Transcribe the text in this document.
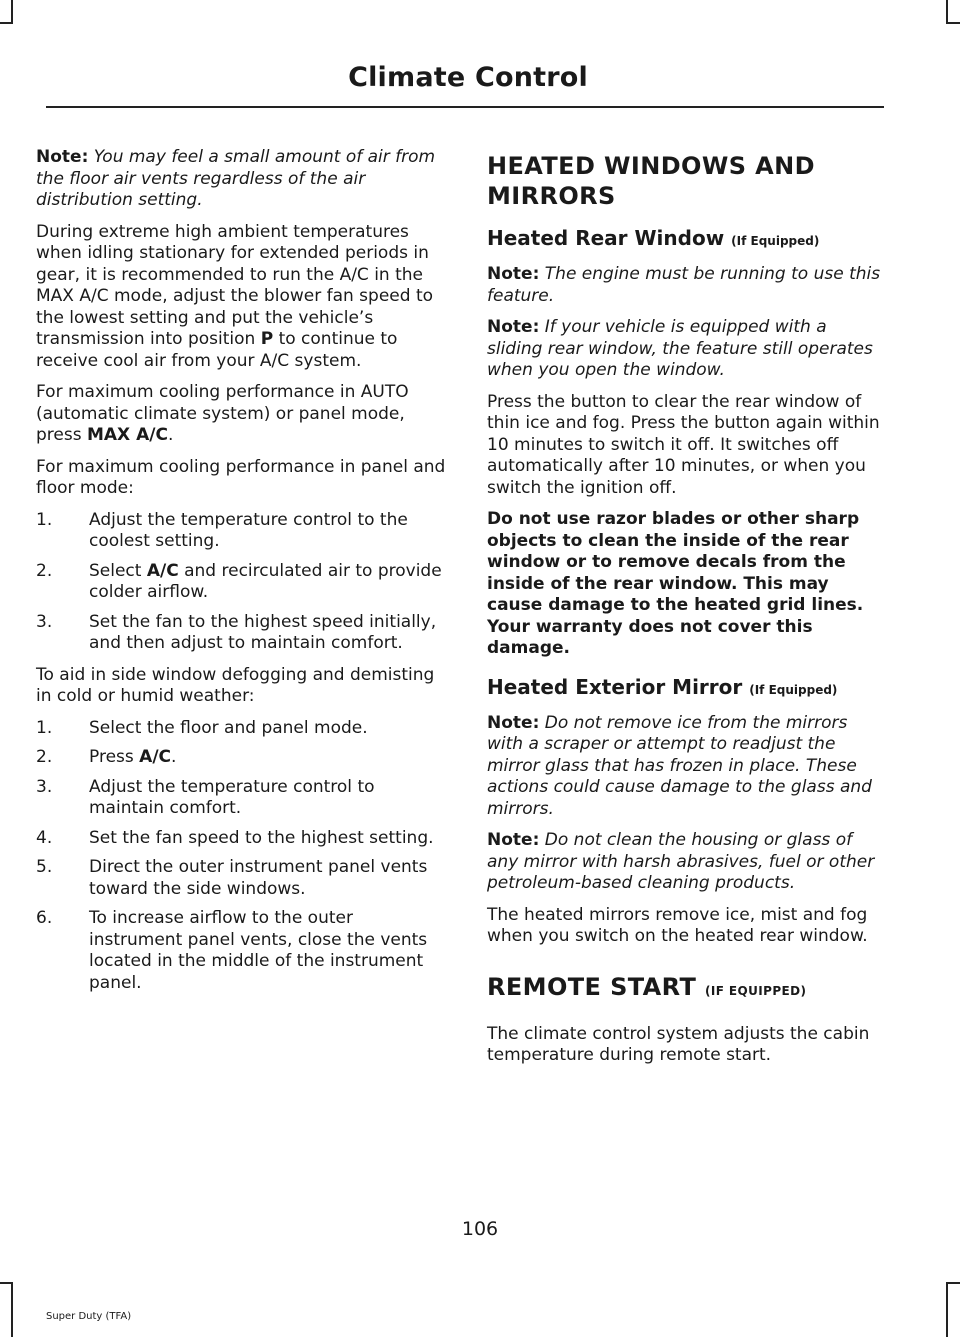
Climate Control

Note: You may feel a small amount of air from the floor air vents regardless of the air distribution setting.

During extreme high ambient temperatures when idling stationary for extended periods in gear, it is recommended to run the A/C in the MAX A/C mode, adjust the blower fan speed to the lowest setting and put the vehicle’s transmission into position P to continue to receive cool air from your A/C system.

For maximum cooling performance in AUTO (automatic climate system) or panel mode, press MAX A/C.

For maximum cooling performance in panel and floor mode:

1. Adjust the temperature control to the coolest setting.
2. Select A/C and recirculated air to provide colder airflow.
3. Set the fan to the highest speed initially, and then adjust to maintain comfort.

To aid in side window defogging and demisting in cold or humid weather:

1. Select the floor and panel mode.
2. Press A/C.
3. Adjust the temperature control to maintain comfort.
4. Set the fan speed to the highest setting.
5. Direct the outer instrument panel vents toward the side windows.
6. To increase airflow to the outer instrument panel vents, close the vents located in the middle of the instrument panel.
HEATED WINDOWS AND MIRRORS
Heated Rear Window (If Equipped)

Note: The engine must be running to use this feature.

Note: If your vehicle is equipped with a sliding rear window, the feature still operates when you open the window.

Press the button to clear the rear window of thin ice and fog. Press the button again within 10 minutes to switch it off. It switches off automatically after 10 minutes, or when you switch the ignition off.

Do not use razor blades or other sharp objects to clean the inside of the rear window or to remove decals from the inside of the rear window. This may cause damage to the heated grid lines. Your warranty does not cover this damage.

Heated Exterior Mirror (If Equipped)

Note: Do not remove ice from the mirrors with a scraper or attempt to readjust the mirror glass that has frozen in place. These actions could cause damage to the glass and mirrors.

Note: Do not clean the housing or glass of any mirror with harsh abrasives, fuel or other petroleum-based cleaning products.

The heated mirrors remove ice, mist and fog when you switch on the heated rear window.

REMOTE START (IF EQUIPPED)

The climate control system adjusts the cabin temperature during remote start.

106
Super Duty (TFA)
